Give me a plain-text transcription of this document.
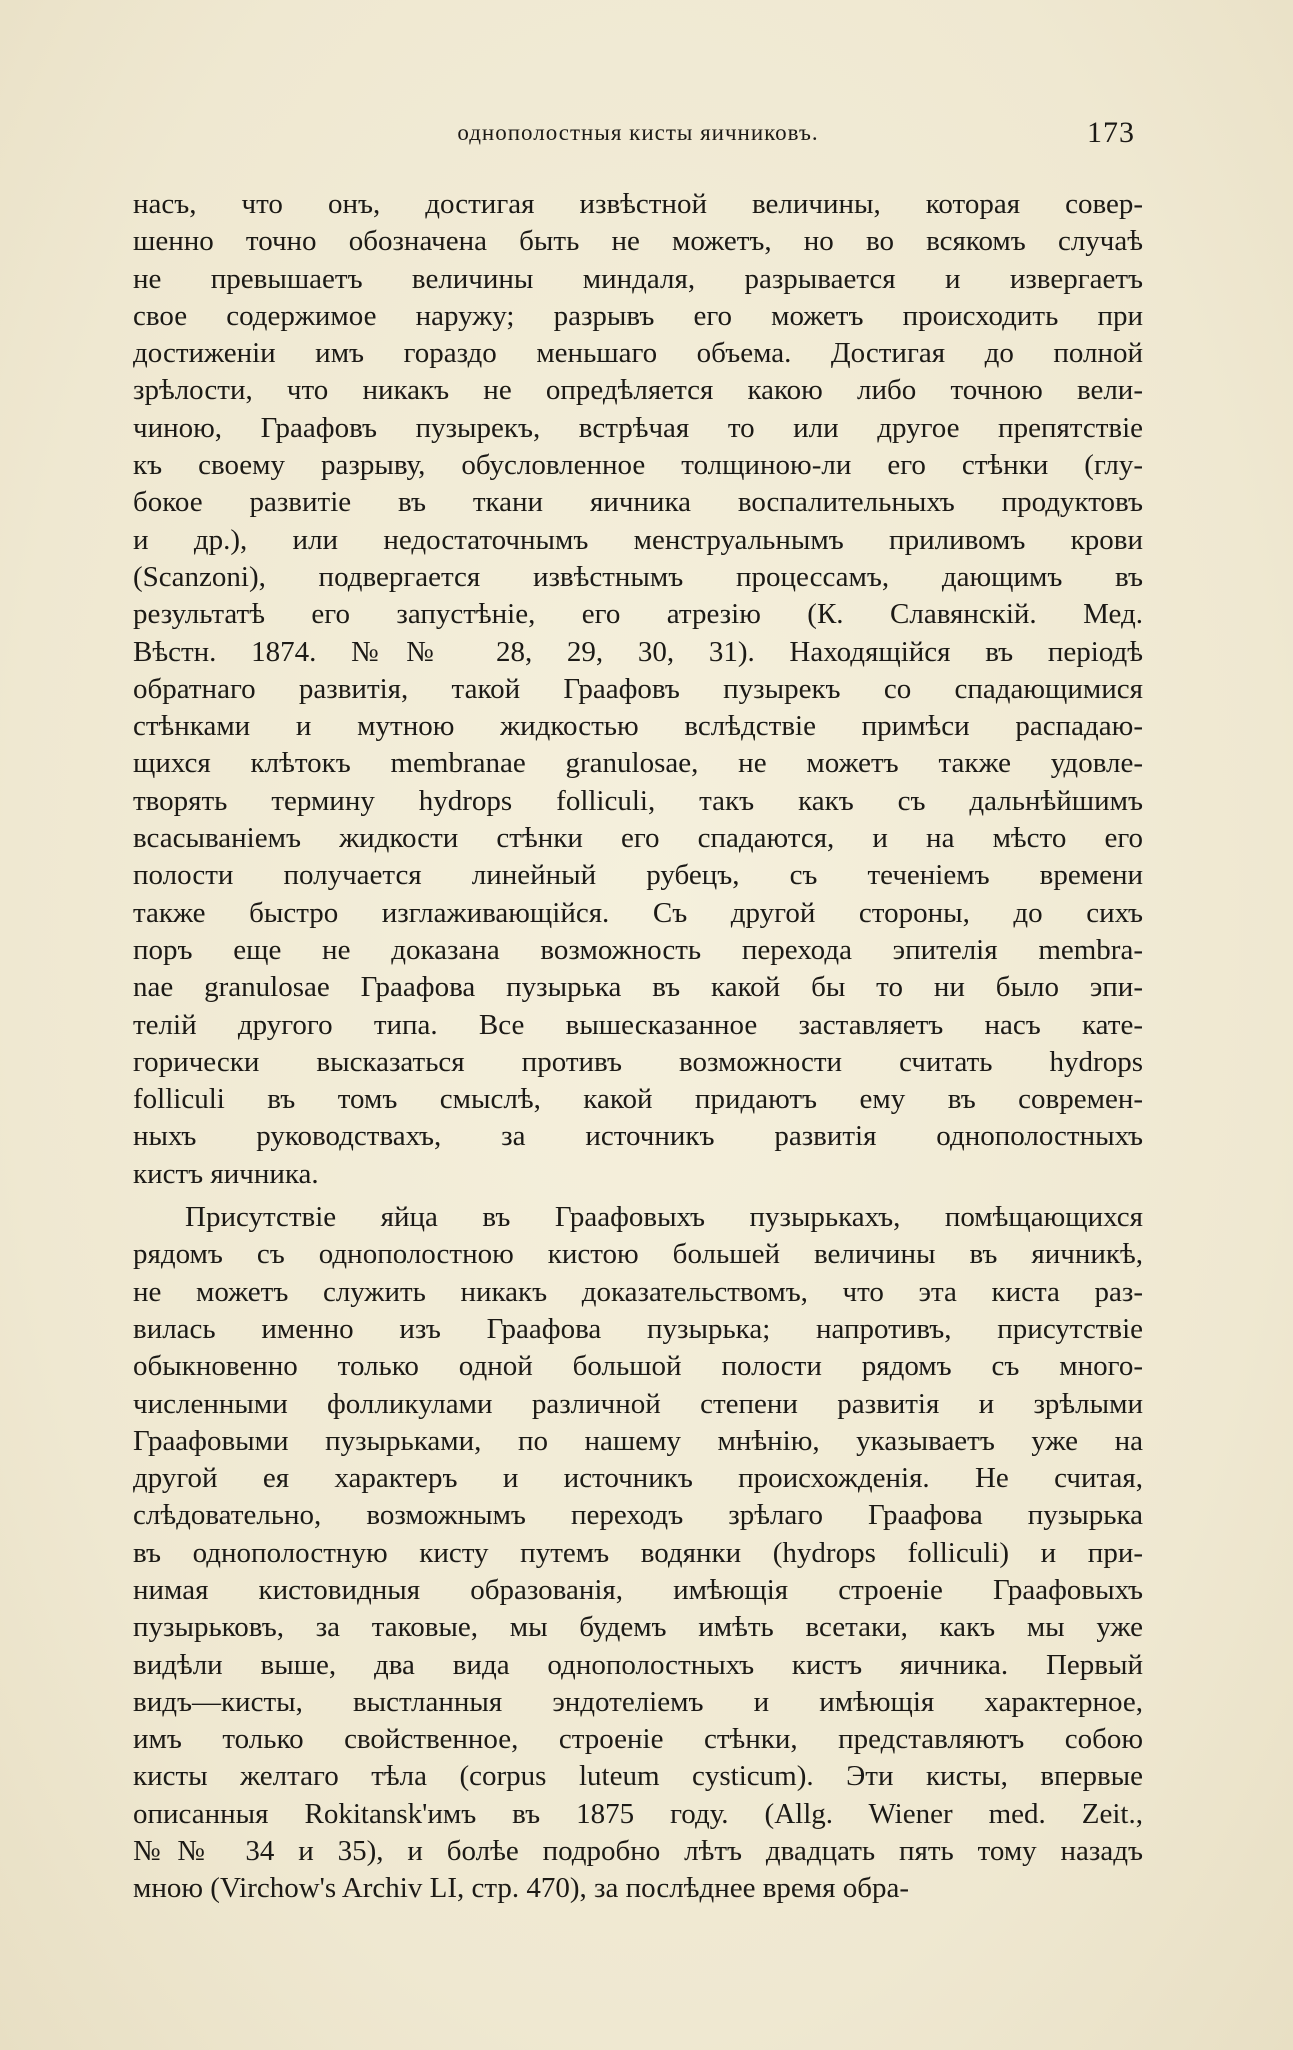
однополостныя кисты яичниковъ.	173
насъ, что онъ, достигая извѣстной величины, которая совер-
шенно точно обозначена быть не можетъ, но во всякомъ случаѣ
не превышаетъ величины миндаля, разрывается и извергаетъ
свое содержимое наружу; разрывъ его можетъ происходить при
достиженіи имъ гораздо меньшаго объема. Достигая до полной
зрѣлости, что никакъ не опредѣляется какою либо точною вели-
чиною, Граафовъ пузырекъ, встрѣчая то или другое препятствіе
къ своему разрыву, обусловленное толщиною-ли его стѣнки (глу-
бокое развитіе въ ткани яичника воспалительныхъ продуктовъ
и др.), или недостаточнымъ менструальнымъ приливомъ крови
(Scanzoni), подвергается извѣстнымъ процессамъ, дающимъ въ
результатѣ его запустѣніе, его атрезію (К. Славянскій. Мед.
Вѣстн. 1874. №№ 28, 29, 30, 31). Находящійся въ періодѣ
обратнаго развитія, такой Граафовъ пузырекъ со спадающимися
стѣнками и мутною жидкостью вслѣдствіе примѣси распадаю-
щихся клѣтокъ membranae granulosae, не можетъ также удовле-
творять термину hydrops folliculi, такъ какъ съ дальнѣйшимъ
всасываніемъ жидкости стѣнки его спадаются, и на мѣсто его
полости получается линейный рубецъ, съ теченіемъ времени
также быстро изглаживающійся. Съ другой стороны, до сихъ
поръ еще не доказана возможность перехода эпителія membra-
nae granulosae Граафова пузырька въ какой бы то ни было эпи-
телій другого типа. Все вышесказанное заставляетъ насъ кате-
горически высказаться противъ возможности считать hydrops
folliculi въ томъ смыслѣ, какой придаютъ ему въ современ-
ныхъ руководствахъ, за источникъ развитія однополостныхъ
кистъ яичника.
Присутствіе яйца въ Граафовыхъ пузырькахъ, помѣщающихся
рядомъ съ однополостною кистою большей величины въ яичникѣ,
не можетъ служить никакъ доказательствомъ, что эта киста раз-
вилась именно изъ Граафова пузырька; напротивъ, присутствіе
обыкновенно только одной большой полости рядомъ съ много-
численными фолликулами различной степени развитія и зрѣлыми
Граафовыми пузырьками, по нашему мнѣнію, указываетъ уже на
другой ея характеръ и источникъ происхожденія. Не считая,
слѣдовательно, возможнымъ переходъ зрѣлаго Граафова пузырька
въ однополостную кисту путемъ водянки (hydrops folliculi) и при-
нимая кистовидныя образованія, имѣющія строеніе Граафовыхъ
пузырьковъ, за таковые, мы будемъ имѣть всетаки, какъ мы уже
видѣли выше, два вида однополостныхъ кистъ яичника. Первый
видъ—кисты, выстланныя эндотеліемъ и имѣющія характерное,
имъ только свойственное, строеніе стѣнки, представляютъ собою
кисты желтаго тѣла (corpus luteum cysticum). Эти кисты, впервые
описанныя Rokitansk'имъ въ 1875 году. (Allg. Wiener med. Zeit.,
№№ 34 и 35), и болѣе подробно лѣтъ двадцать пять тому назадъ
мною (Virchow's Archiv LI, стр. 470), за послѣднее время обра-
